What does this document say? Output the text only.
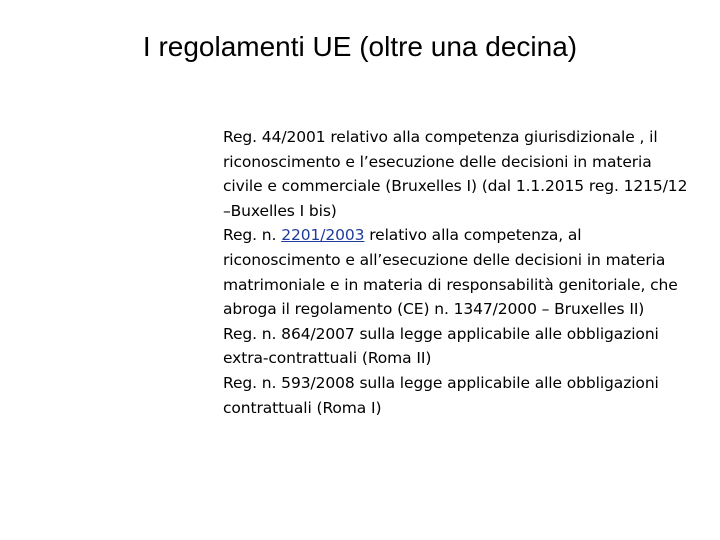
I regolamenti UE (oltre una decina)

Reg. 44/2001 relativo alla competenza giurisdizionale , il riconoscimento e l’esecuzione delle decisioni in materia civile e commerciale (Bruxelles I) (dal 1.1.2015 reg. 1215/12 –Buxelles I bis)

Reg. n. 2201/2003 relativo alla competenza, al riconoscimento e all’esecuzione delle decisioni in materia matrimoniale e in materia di responsabilità genitoriale, che abroga il regolamento (CE) n. 1347/2000 – Bruxelles II)

Reg. n. 864/2007 sulla legge applicabile alle obbligazioni extra-contrattuali (Roma II)

Reg. n. 593/2008 sulla legge applicabile alle obbligazioni contrattuali (Roma I)
